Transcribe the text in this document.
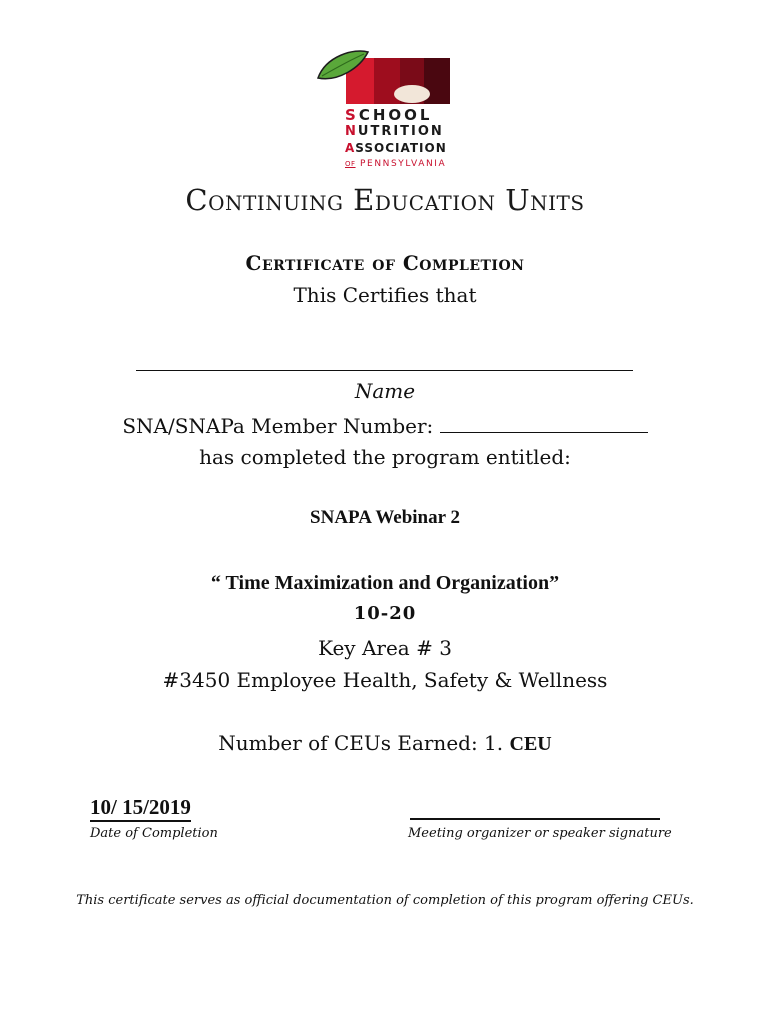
SCHOOL
NUTRITION
ASSOCIATION
OF PENNSYLVANIA
Continuing Education Units
Certificate of Completion
This Certifies that
Name
SNA/SNAPa Member Number:
has completed the program entitled:
SNAPA Webinar 2
“ Time Maximization and Organization”
10-20
Key Area # 3
#3450 Employee Health, Safety & Wellness
Number of CEUs Earned: 1. CEU
10/ 15/2019
Date of Completion	Meeting organizer or speaker signature
This certificate serves as official documentation of completion of this program offering CEUs.
